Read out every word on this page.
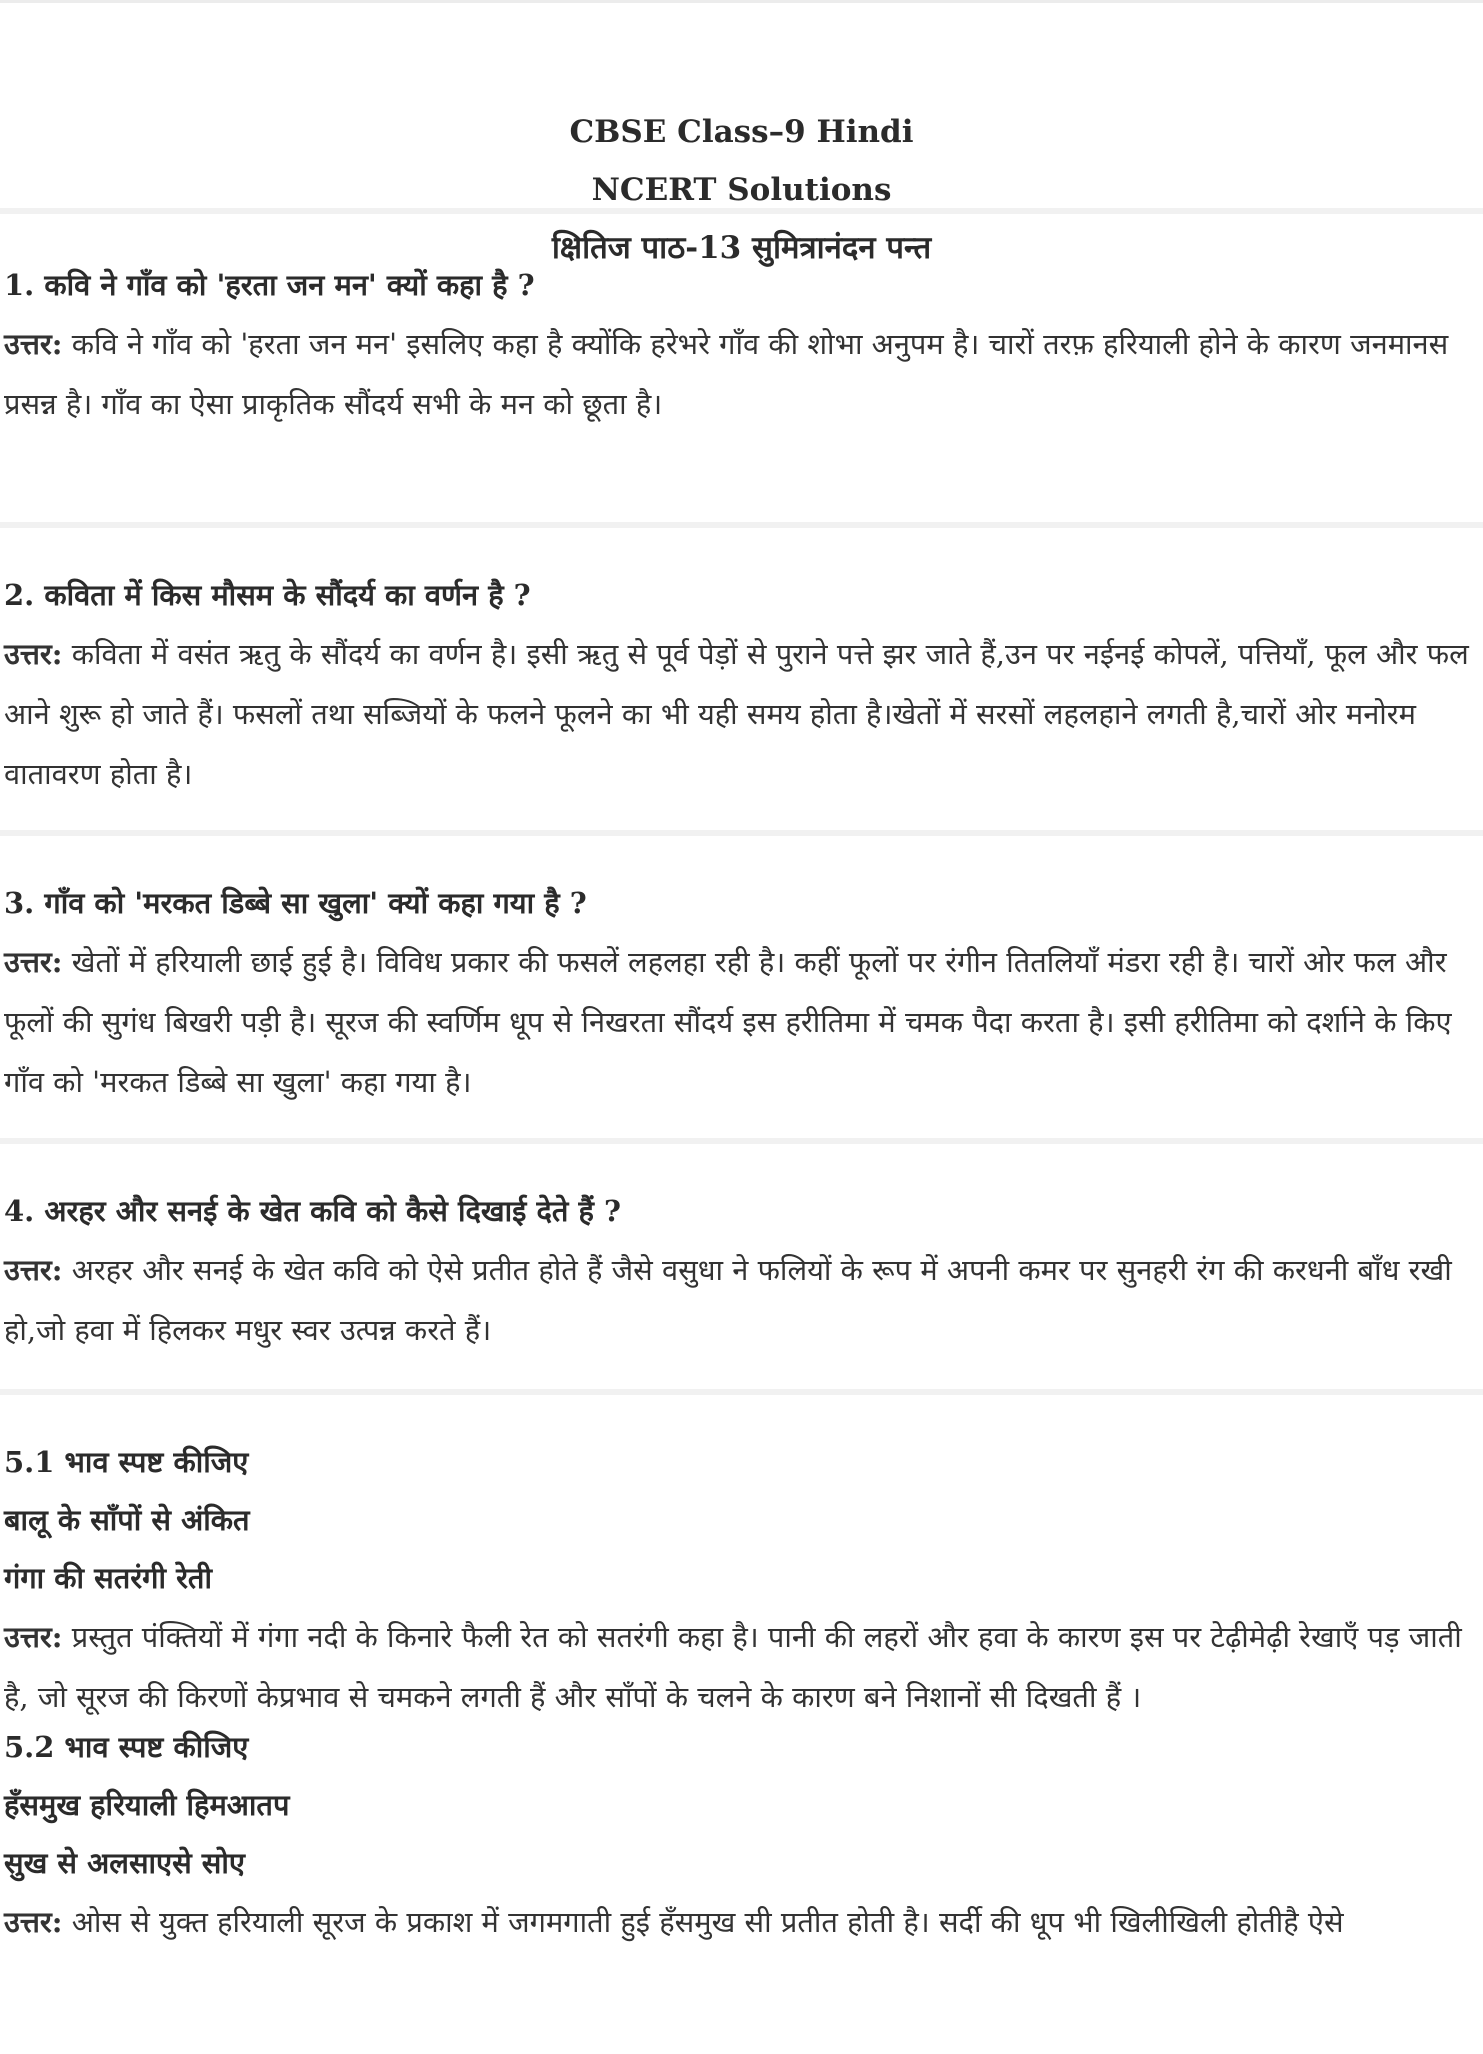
CBSE Class–9 Hindi
NCERT Solutions
क्षितिज पाठ-13 सुमित्रानंदन पन्त
1. कवि ने गाँव को 'हरता जन मन' क्यों कहा है ?
उत्तर: कवि ने गाँव को 'हरता जन मन' इसलिए कहा है क्योंकि हरेभरे गाँव की शोभा अनुपम है। चारों तरफ़ हरियाली होने के कारण जनमानस प्रसन्न है। गाँव का ऐसा प्राकृतिक सौंदर्य सभी के मन को छूता है।
2. कविता में किस मौसम के सौंदर्य का वर्णन है ?
उत्तर: कविता में वसंत ऋतु के सौंदर्य का वर्णन है। इसी ऋतु से पूर्व पेड़ों से पुराने पत्ते झर जाते हैं,उन पर नईनई कोपलें, पत्तियाँ, फूल और फल आने शुरू हो जाते हैं। फसलों तथा सब्जियों के फलने फूलने का भी यही समय होता है।खेतों में सरसों लहलहाने लगती है,चारों ओर मनोरम वातावरण होता है।
3. गाँव को 'मरकत डिब्बे सा खुला' क्यों कहा गया है ?
उत्तर: खेतों में हरियाली छाई हुई है। विविध प्रकार की फसलें लहलहा रही है। कहीं फूलों पर रंगीन तितलियाँ मंडरा रही है। चारों ओर फल और फूलों की सुगंध बिखरी पड़ी है। सूरज की स्वर्णिम धूप से निखरता सौंदर्य इस हरीतिमा में चमक पैदा करता है। इसी हरीतिमा को दर्शाने के किए गाँव को 'मरकत डिब्बे सा खुला' कहा गया है।
4. अरहर और सनई के खेत कवि को कैसे दिखाई देते हैं ?
उत्तर: अरहर और सनई के खेत कवि को ऐसे प्रतीत होते हैं जैसे वसुधा ने फलियों के रूप में अपनी कमर पर सुनहरी रंग की करधनी बाँध रखी हो,जो हवा में हिलकर मधुर स्वर उत्पन्न करते हैं।
5.1 भाव स्पष्ट कीजिए
बालू के साँपों से अंकित
गंगा की सतरंगी रेती
उत्तर: प्रस्तुत पंक्तियों में गंगा नदी के किनारे फैली रेत को सतरंगी कहा है। पानी की लहरों और हवा के कारण इस पर टेढ़ीमेढ़ी रेखाएँ पड़ जाती है, जो सूरज की किरणों केप्रभाव से चमकने लगती हैं और साँपों के चलने के कारण बने निशानों सी दिखती हैं ।
5.2 भाव स्पष्ट कीजिए
हँसमुख हरियाली हिमआतप
सुख से अलसाएसे सोए
उत्तर: ओस से युक्त हरियाली सूरज के प्रकाश में जगमगाती हुई हँसमुख सी प्रतीत होती है। सर्दी की धूप भी खिलीखिली होतीहै ऐसे
